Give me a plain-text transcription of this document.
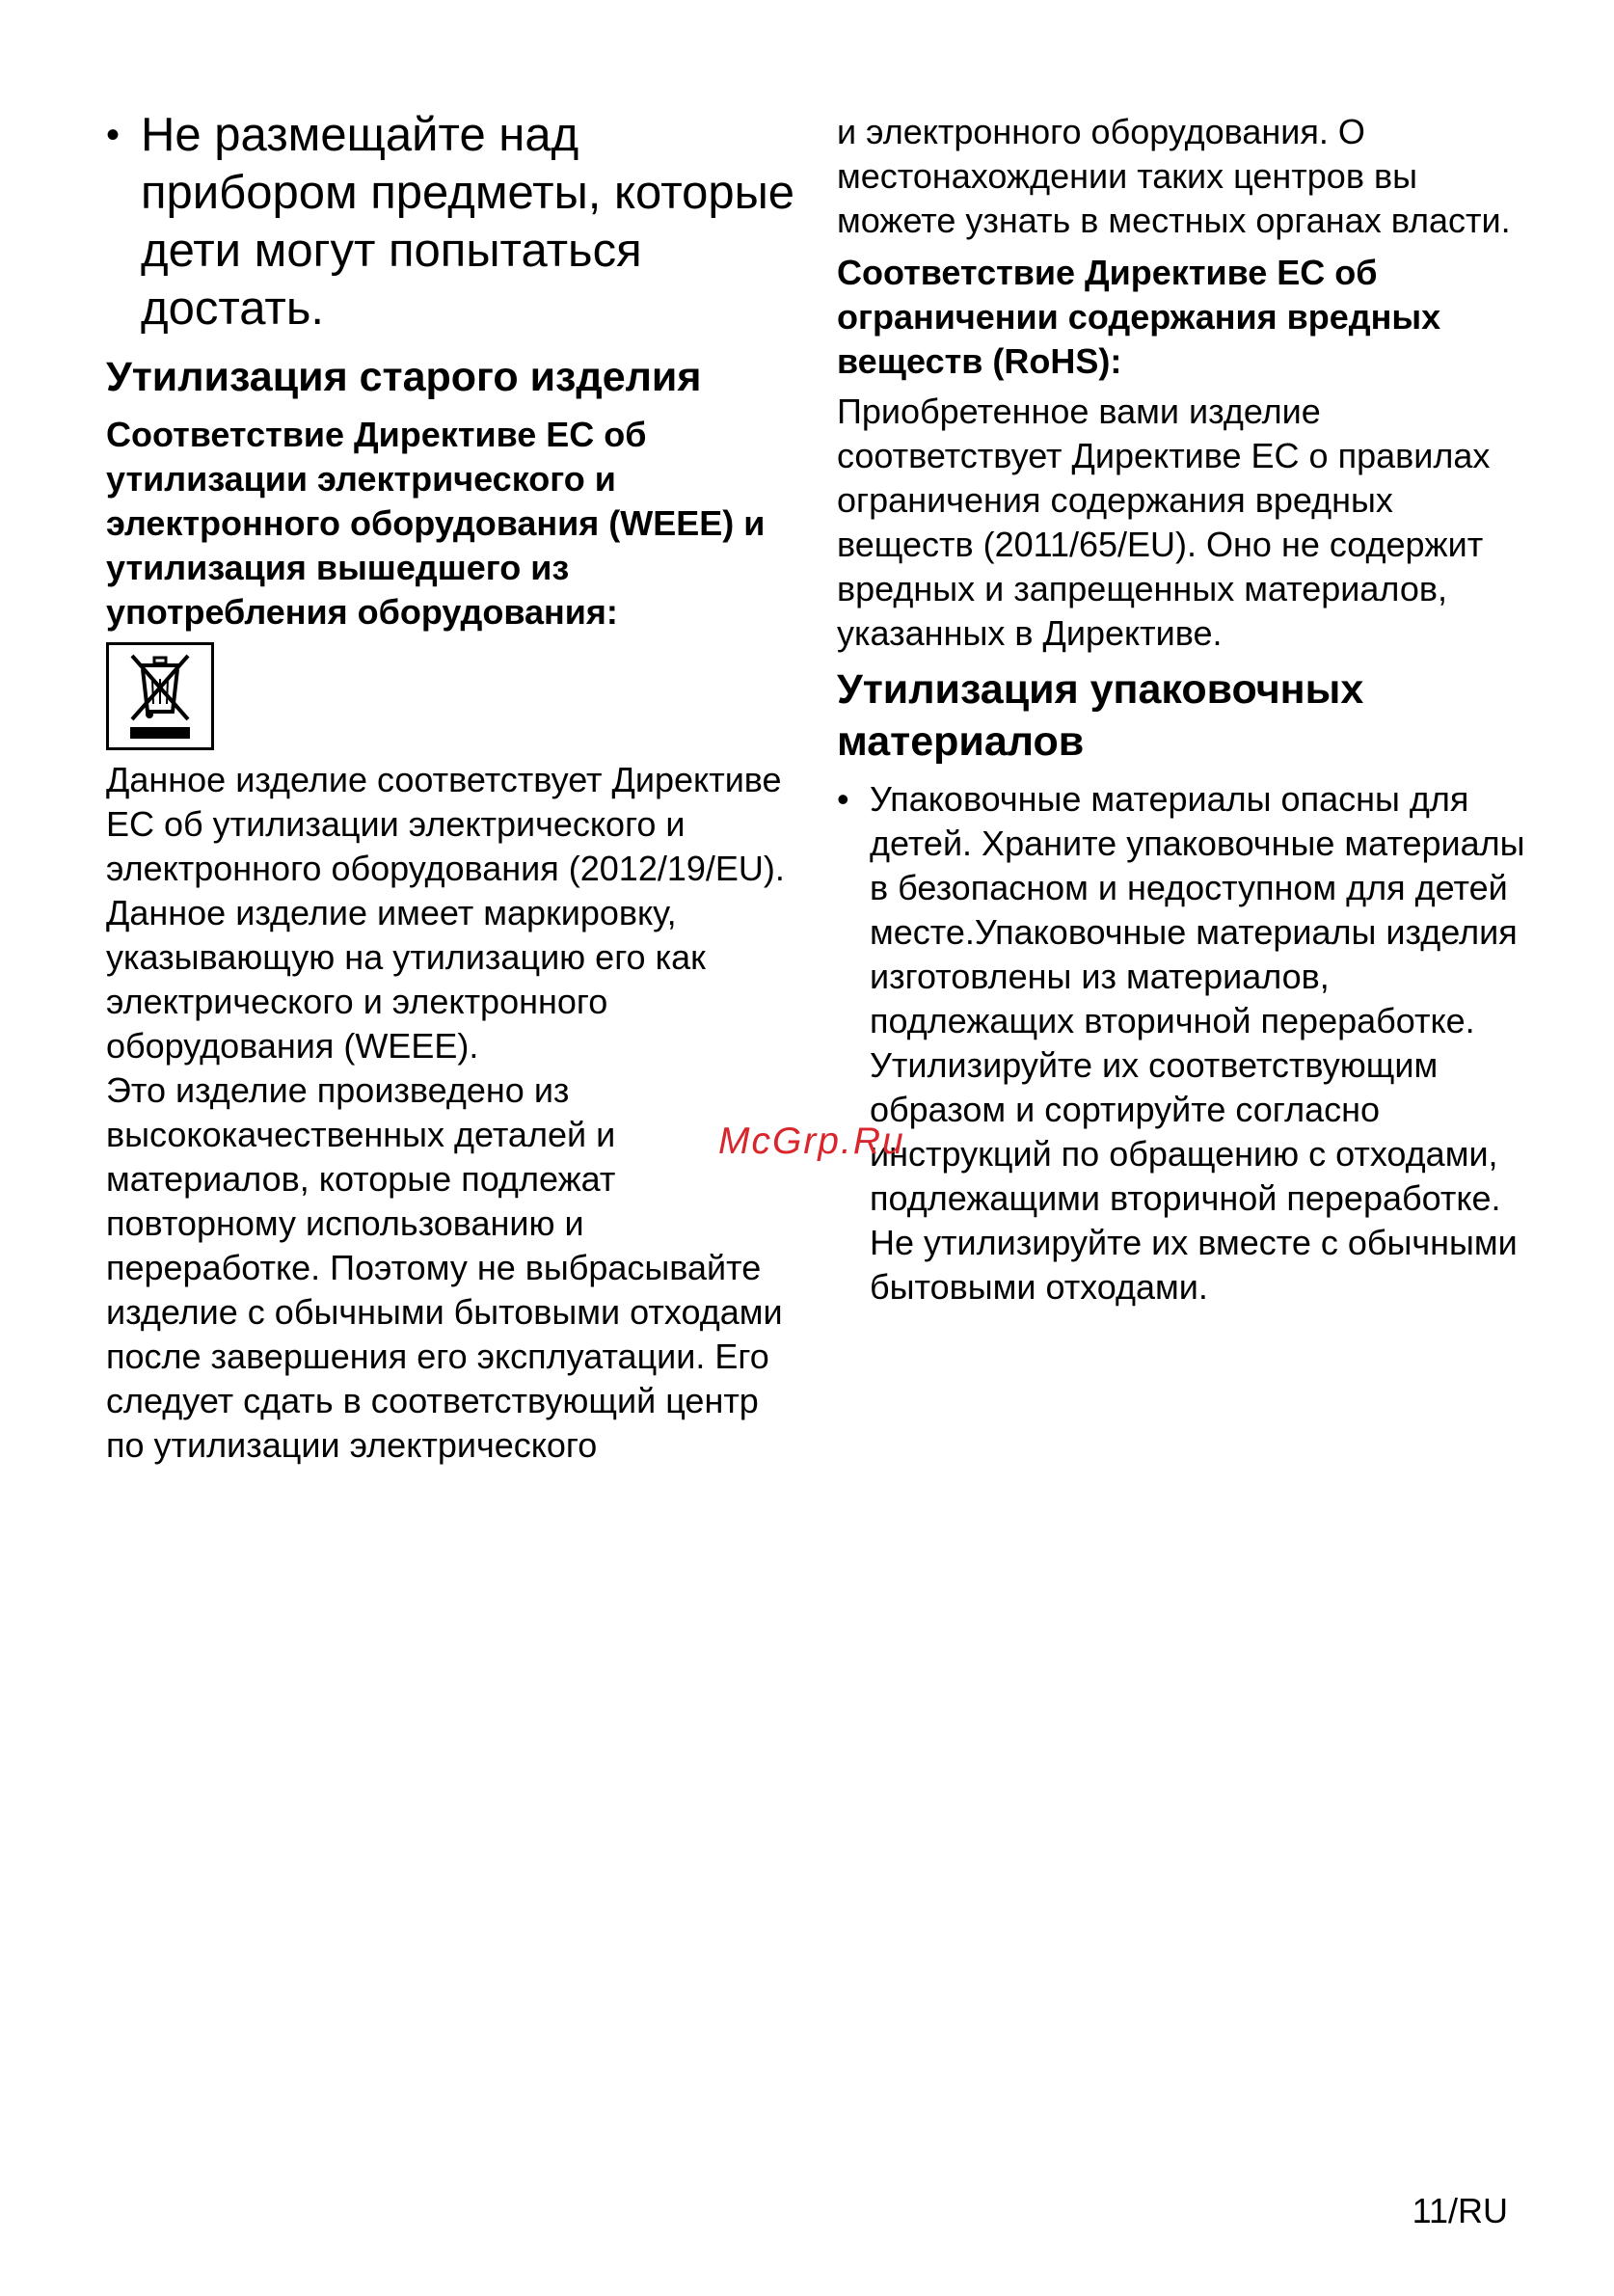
• Не размещайте над прибором предметы, которые дети могут попытаться достать.
Утилизация старого изделия
Соответствие Директиве ЕС об утилизации электрического и электронного оборудования (WEEE) и утилизация вышедшего из употребления оборудования:

Данное изделие соответствует Директиве ЕС об утилизации электрического и электронного оборудования (2012/19/EU). Данное изделие имеет маркировку, указывающую на утилизацию его как электрического и электронного оборудования (WEEE).

Это изделие произведено из высококачественных деталей и материалов, которые подлежат повторному использованию и переработке. Поэтому не выбрасывайте изделие с обычными бытовыми отходами после завершения его эксплуатации. Его следует сдать в соответствующий центр по утилизации электрического

и электронного оборудования. О местонахождении таких центров вы можете узнать в местных органах власти.

Соответствие Директиве ЕС об ограничении содержания вредных веществ (RoHS):

Приобретенное вами изделие соответствует Директиве ЕС о правилах ограничения содержания вредных веществ (2011/65/EU). Оно не содержит вредных и запрещенных материалов, указанных в Директиве.

Утилизация упаковочных материалов
• Упаковочные материалы опасны для детей. Храните упаковочные материалы в безопасном и недоступном для детей месте.Упаковочные материалы изделия изготовлены из материалов, подлежащих вторичной переработке. Утилизируйте их соответствующим образом и сортируйте согласно инструкций по обращению с отходами, подлежащими вторичной переработке. Не утилизируйте их вместе с обычными бытовыми отходами.
McGrp.Ru
11/RU
